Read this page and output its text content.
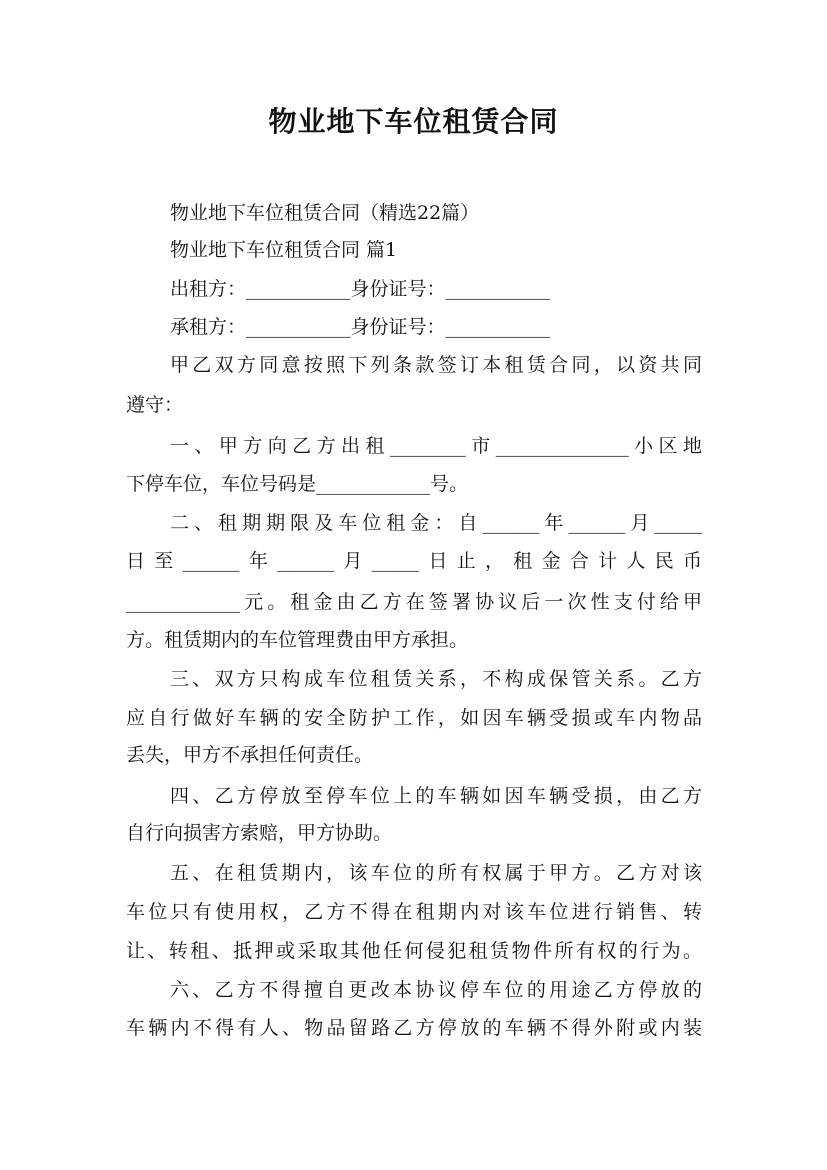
物业地下车位租赁合同
物业地下车位租赁合同（精选22篇）
物业地下车位租赁合同 篇1
出租方：___________身份证号：___________
承租方：___________身份证号：___________
甲乙双方同意按照下列条款签订本租赁合同，以资共同
遵守：
一、甲方向乙方出租________市______________小区地
下停车位，车位号码是____________号。
二、租期期限及车位租金：自______年______月_____
日至______年______月_____日止，租金合计人民币
____________元。租金由乙方在签署协议后一次性支付给甲
方。租赁期内的车位管理费由甲方承担。
三、双方只构成车位租赁关系，不构成保管关系。乙方
应自行做好车辆的安全防护工作，如因车辆受损或车内物品
丢失，甲方不承担任何责任。
四、乙方停放至停车位上的车辆如因车辆受损，由乙方
自行向损害方索赔，甲方协助。
五、在租赁期内，该车位的所有权属于甲方。乙方对该
车位只有使用权，乙方不得在租期内对该车位进行销售、转
让、转租、抵押或采取其他任何侵犯租赁物件所有权的行为。
六、乙方不得擅自更改本协议停车位的用途乙方停放的
车辆内不得有人、物品留路乙方停放的车辆不得外附或内装
